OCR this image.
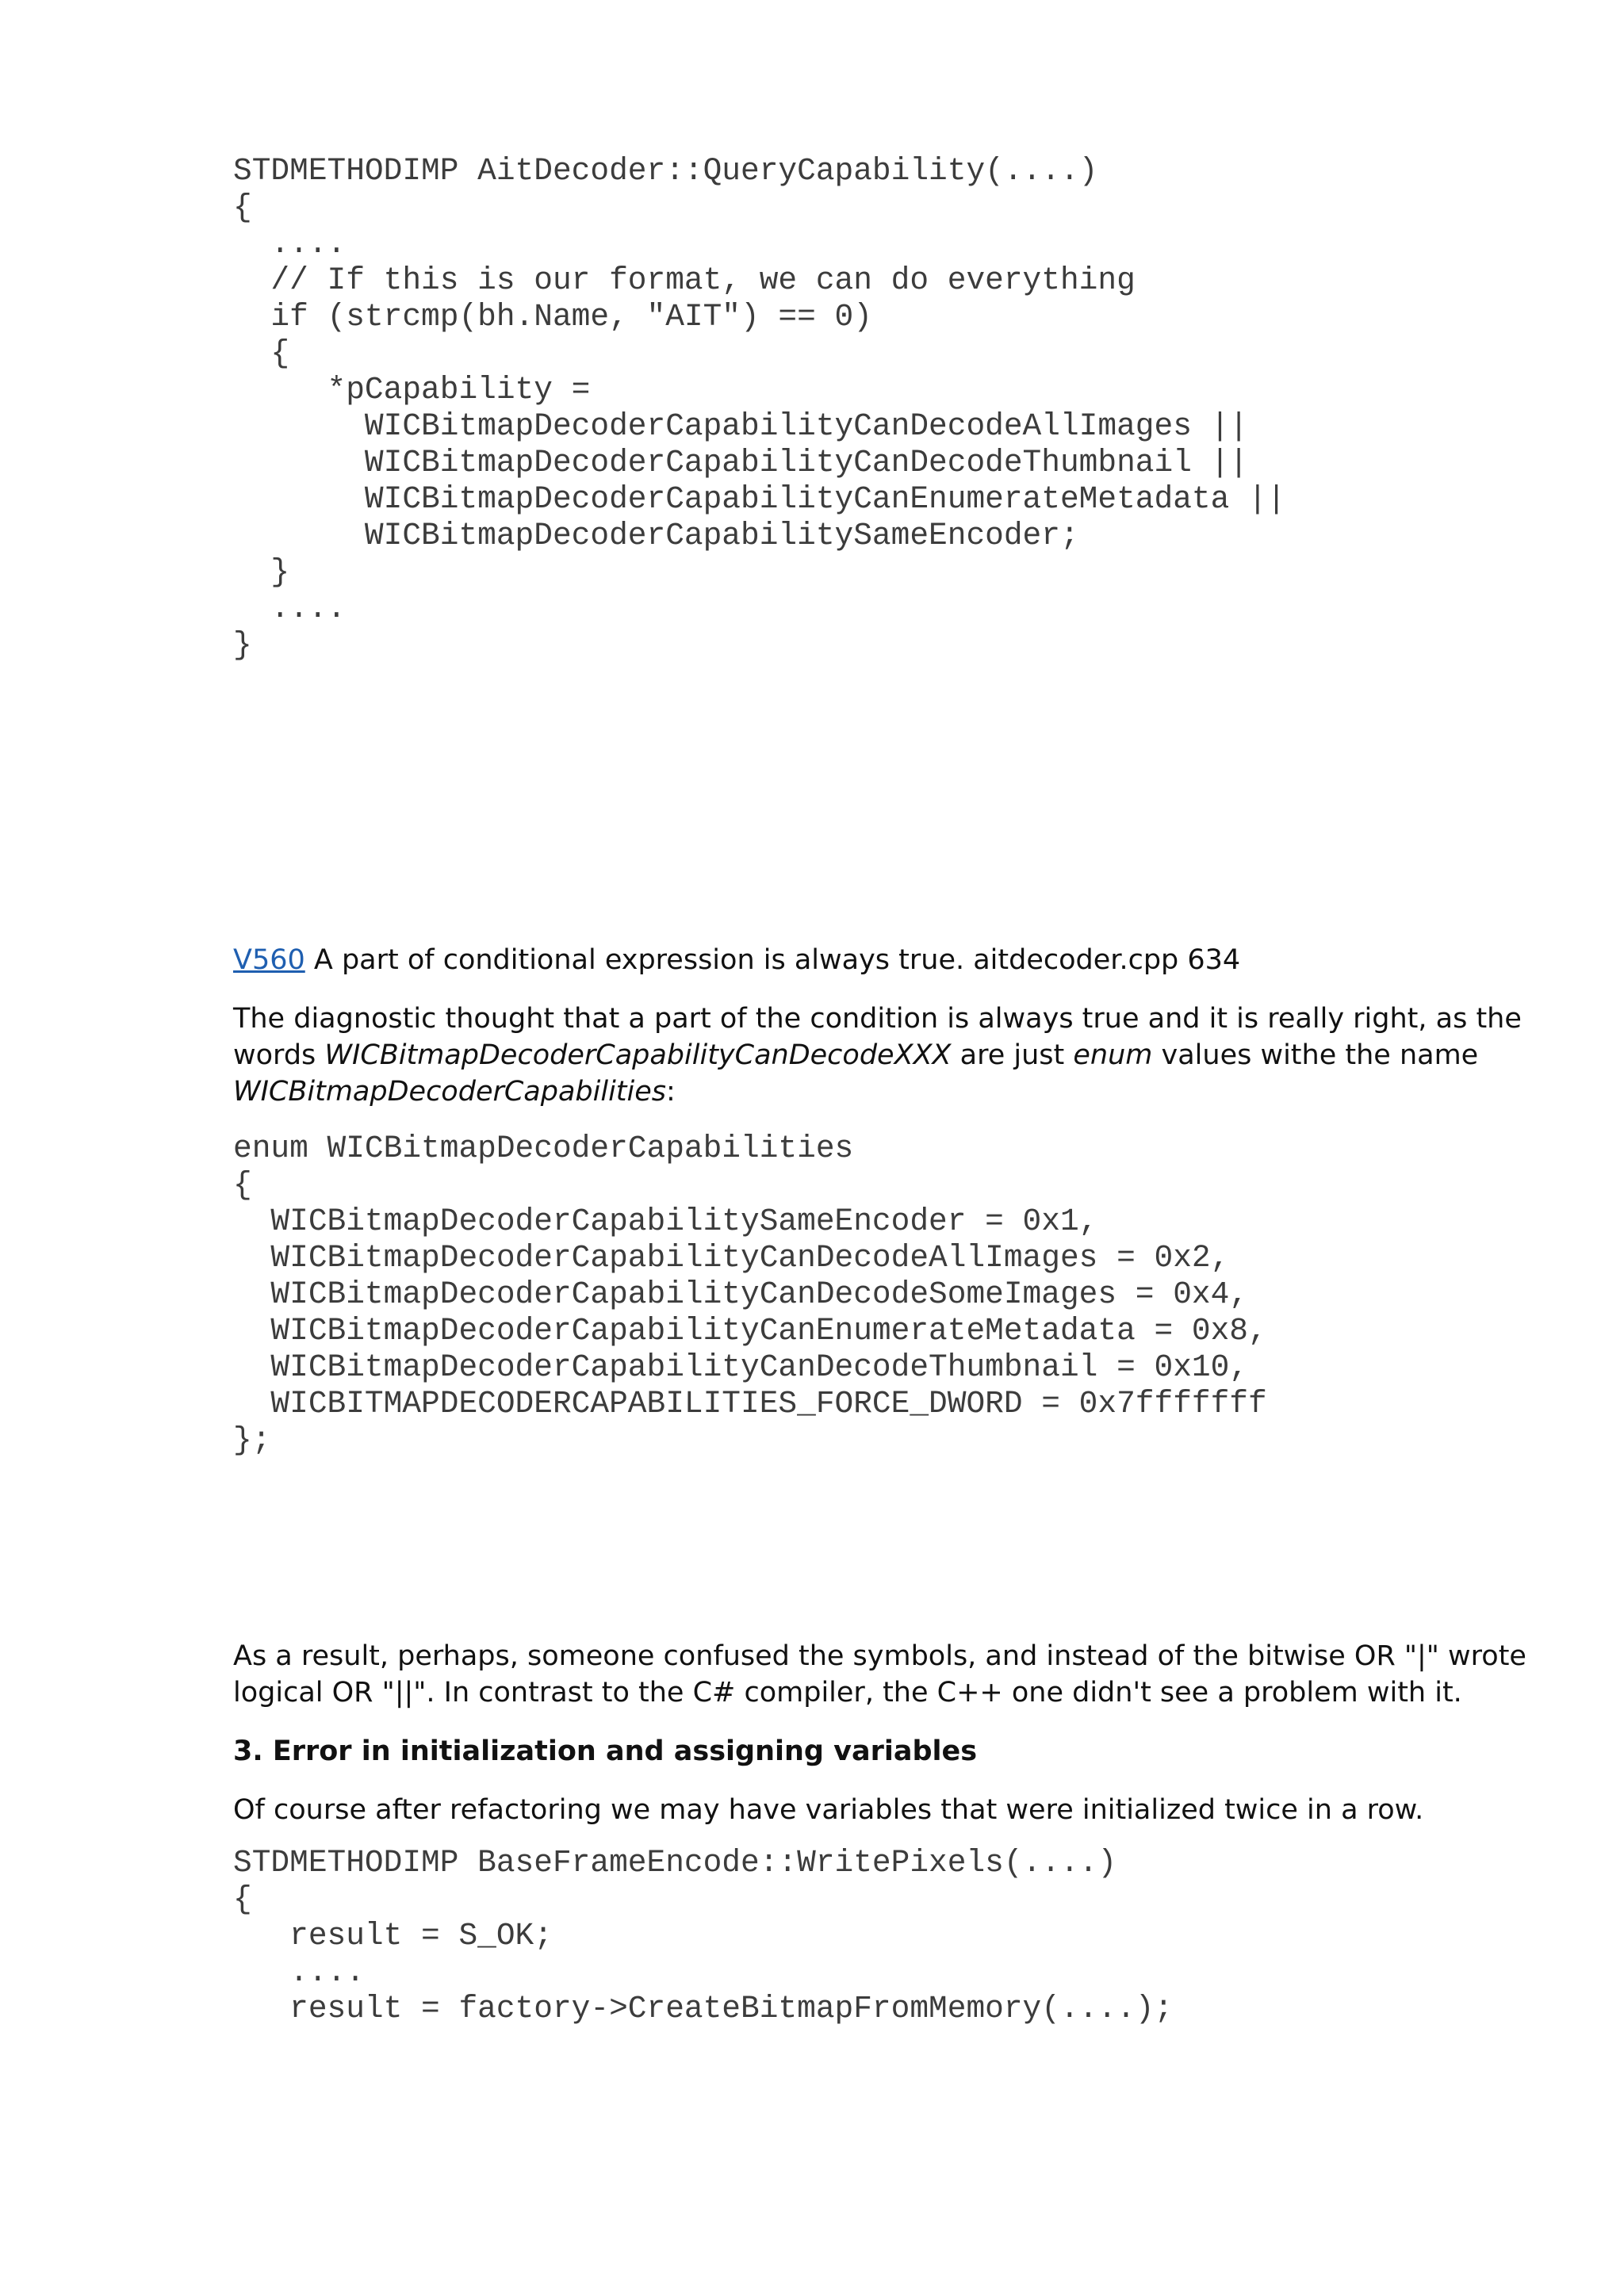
STDMETHODIMP AitDecoder::QueryCapability(....)
{
....
// If this is our format, we can do everything
if (strcmp(bh.Name, "AIT") == 0)
{
*pCapability =
WICBitmapDecoderCapabilityCanDecodeAllImages ||
WICBitmapDecoderCapabilityCanDecodeThumbnail ||
WICBitmapDecoderCapabilityCanEnumerateMetadata ||
WICBitmapDecoderCapabilitySameEncoder;
}
....
}

V560 A part of conditional expression is always true. aitdecoder.cpp 634

The diagnostic thought that a part of the condition is always true and it is really right, as the words WICBitmapDecoderCapabilityCanDecodeXXX are just enum values withe the name WICBitmapDecoderCapabilities:

enum WICBitmapDecoderCapabilities
{
WICBitmapDecoderCapabilitySameEncoder = 0x1,
WICBitmapDecoderCapabilityCanDecodeAllImages = 0x2,
WICBitmapDecoderCapabilityCanDecodeSomeImages = 0x4,
WICBitmapDecoderCapabilityCanEnumerateMetadata = 0x8,
WICBitmapDecoderCapabilityCanDecodeThumbnail = 0x10,
WICBITMAPDECODERCAPABILITIES_FORCE_DWORD = 0x7fffffff
};

As a result, perhaps, someone confused the symbols, and instead of the bitwise OR "|" wrote logical OR "||". In contrast to the C# compiler, the C++ one didn't see a problem with it.

3. Error in initialization and assigning variables

Of course after refactoring we may have variables that were initialized twice in a row.

STDMETHODIMP BaseFrameEncode::WritePixels(....)
{
result = S_OK;
....
result = factory->CreateBitmapFromMemory(....);
